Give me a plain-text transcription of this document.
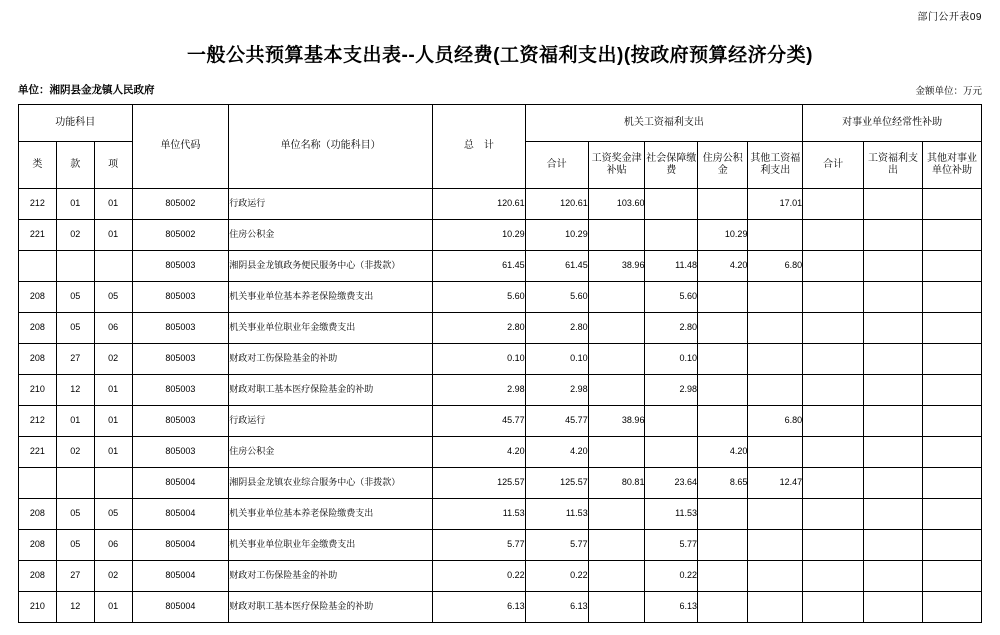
部门公开表09
一般公共预算基本支出表--人员经费(工资福利支出)(按政府预算经济分类)
单位：湘阴县金龙镇人民政府	金额单位：万元
功能科目			单位代码	单位名称（功能科目）	总　计	机关工资福利支出					对事业单位经常性补助		
类	款	项				合计	工资奖金津补贴	社会保障缴费	住房公积金	其他工资福利支出	合计	工资福利支出	其他对事业单位补助
212	01	01	805002	行政运行	120.61	120.61	103.60			17.01			
221	02	01	805002	住房公积金	10.29	10.29			10.29				
			805003	湘阴县金龙镇政务便民服务中心（非拨款）	61.45	61.45	38.96	11.48	4.20	6.80			
208	05	05	805003	机关事业单位基本养老保险缴费支出	5.60	5.60		5.60					
208	05	06	805003	机关事业单位职业年金缴费支出	2.80	2.80		2.80					
208	27	02	805003	财政对工伤保险基金的补助	0.10	0.10		0.10					
210	12	01	805003	财政对职工基本医疗保险基金的补助	2.98	2.98		2.98					
212	01	01	805003	行政运行	45.77	45.77	38.96			6.80			
221	02	01	805003	住房公积金	4.20	4.20			4.20				
			805004	湘阴县金龙镇农业综合服务中心（非拨款）	125.57	125.57	80.81	23.64	8.65	12.47			
208	05	05	805004	机关事业单位基本养老保险缴费支出	11.53	11.53		11.53					
208	05	06	805004	机关事业单位职业年金缴费支出	5.77	5.77		5.77					
208	27	02	805004	财政对工伤保险基金的补助	0.22	0.22		0.22					
210	12	01	805004	财政对职工基本医疗保险基金的补助	6.13	6.13		6.13					
